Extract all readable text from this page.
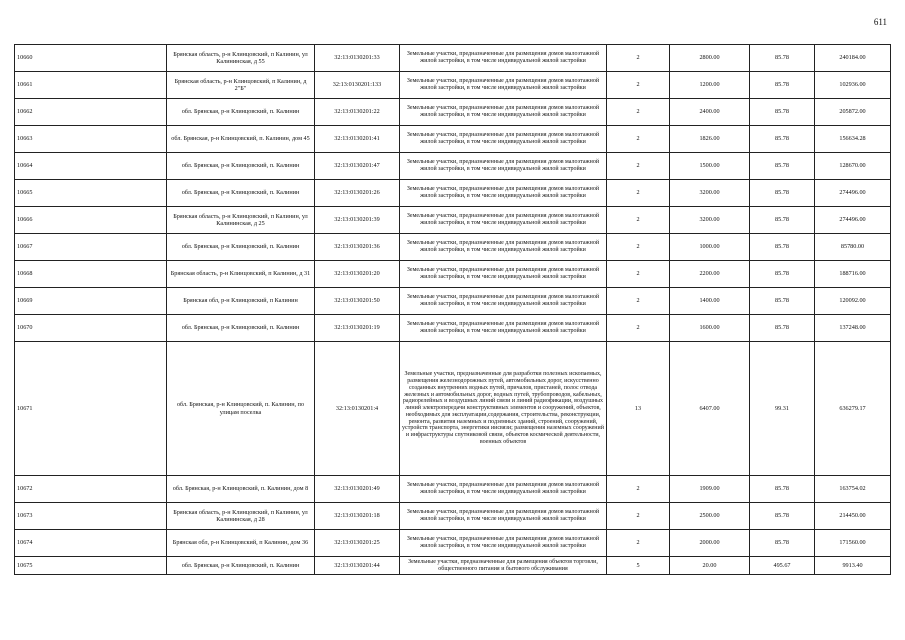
611
10660	Брянская область, р-н Клинцовский, п Калинин, ул Калининская, д 55	32:13:0130201:33	Земельные участки, предназначенные для размещения домов малоэтажной жилой застройки, в том числе индивидуальной жилой застройки	2	2800.00	85.78	240184.00
10661	Брянская область, р-н Клинцовский, п Калинин, д 2"Б"	32:13:0130201:133	Земельные участки, предназначенные для размещения домов малоэтажной жилой застройки, в том числе индивидуальной жилой застройки	2	1200.00	85.78	102936.00
10662	обл. Брянская, р-н Клинцовский, п. Калинин	32:13:0130201:22	Земельные участки, предназначенные для размещения домов малоэтажной жилой застройки, в том числе индивидуальной жилой застройки	2	2400.00	85.78	205872.00
10663	обл. Брянская, р-н Клинцовский, п. Калинин, дом 45	32:13:0130201:41	Земельные участки, предназначенные для размещения домов малоэтажной жилой застройки, в том числе индивидуальной жилой застройки	2	1826.00	85.78	156634.28
10664	обл. Брянская, р-н Клинцовский, п. Калинин	32:13:0130201:47	Земельные участки, предназначенные для размещения домов малоэтажной жилой застройки, в том числе индивидуальной жилой застройки	2	1500.00	85.78	128670.00
10665	обл. Брянская, р-н Клинцовский, п. Калинин	32:13:0130201:26	Земельные участки, предназначенные для размещения домов малоэтажной жилой застройки, в том числе индивидуальной жилой застройки	2	3200.00	85.78	274496.00
10666	Брянская область, р-н Клинцовский, п Калинин, ул Калининская, д 25	32:13:0130201:39	Земельные участки, предназначенные для размещения домов малоэтажной жилой застройки, в том числе индивидуальной жилой застройки	2	3200.00	85.78	274496.00
10667	обл. Брянская, р-н Клинцовский, п. Калинин	32:13:0130201:36	Земельные участки, предназначенные для размещения домов малоэтажной жилой застройки, в том числе индивидуальной жилой застройки	2	1000.00	85.78	85780.00
10668	Брянская область, р-н Клинцовский, п Калинин, д 31	32:13:0130201:20	Земельные участки, предназначенные для размещения домов малоэтажной жилой застройки, в том числе индивидуальной жилой застройки	2	2200.00	85.78	188716.00
10669	Брянская обл, р-н Клинцовский, п Калинин	32:13:0130201:50	Земельные участки, предназначенные для размещения домов малоэтажной жилой застройки, в том числе индивидуальной жилой застройки	2	1400.00	85.78	120092.00
10670	обл. Брянская, р-н Клинцовский, п. Калинин	32:13:0130201:19	Земельные участки, предназначенные для размещения домов малоэтажной жилой застройки, в том числе индивидуальной жилой застройки	2	1600.00	85.78	137248.00
10671	обл. Брянская, р-н Клинцовский, п. Калинин, по улицам поселка	32:13:0130201:4	Земельные участки, предназначенные для разработки полезных ископаемых, размещения железнодорожных путей, автомобильных дорог, искусственно созданных внутренних водных путей, причалов, пристаней, полос отвода железных и автомобильных дорог, водных путей, трубопроводов, кабельных, радиорелейных и воздушных линий связи и линий радиофикации, воздушных линий электропередачи конструктивных элементов и сооружений, объектов, необходимых для эксплуатации,содержания, строительства, реконструкции, ремонта, развития наземных и подземных зданий, строений, сооружений, устройств транспорта, энергетики иисвязи; размещения наземных сооружений и инфраструктуры спутниковой связи, объектов космической деятельности, военных объектов	13	6407.00	99.31	636279.17
10672	обл. Брянская, р-н Клинцовский, п. Калинин, дом 8	32:13:0130201:49	Земельные участки, предназначенные для размещения домов малоэтажной жилой застройки, в том числе индивидуальной жилой застройки	2	1909.00	85.78	163754.02
10673	Брянская область, р-н Клинцовский, п Калинин, ул Калининская, д 28	32:13:0130201:18	Земельные участки, предназначенные для размещения домов малоэтажной жилой застройки, в том числе индивидуальной жилой застройки	2	2500.00	85.78	214450.00
10674	Брянская обл, р-н Клинцовский, п Калинин, дом 36	32:13:0130201:25	Земельные участки, предназначенные для размещения домов малоэтажной жилой застройки, в том числе индивидуальной жилой застройки	2	2000.00	85.78	171560.00
10675	обл. Брянская, р-н Клинцовский, п. Калинин	32:13:0130201:44	Земельные участки, предназначенные для размещения объектов торговли, общественного питания и бытового обслуживания	5	20.00	495.67	9913.40
